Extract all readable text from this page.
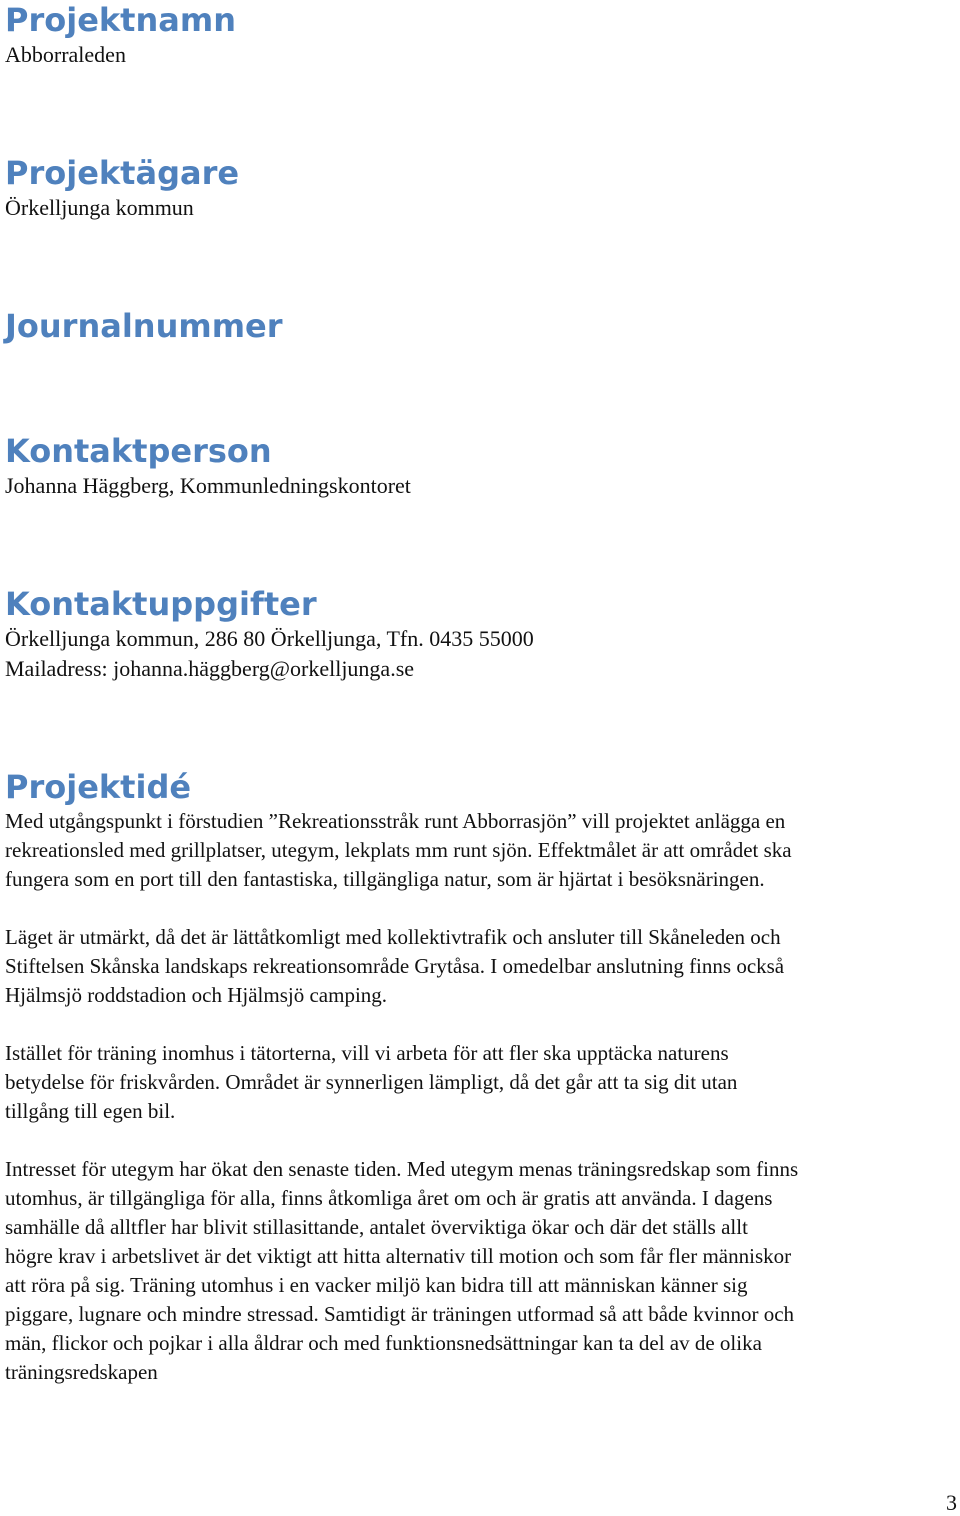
Projektnamn

Abborraleden

Projektägare

Örkelljunga kommun

Journalnummer
Kontaktperson

Johanna Häggberg, Kommunledningskontoret

Kontaktuppgifter

Örkelljunga kommun, 286 80 Örkelljunga, Tfn. 0435 55000

Mailadress: johanna.häggberg@orkelljunga.se

Projektidé

Med utgångspunkt i förstudien ”Rekreationsstråk runt Abborrasjön” vill projektet anlägga en
rekreationsled med grillplatser, utegym, lekplats mm runt sjön. Effektmålet är att området ska
fungera som en port till den fantastiska, tillgängliga natur, som är hjärtat i besöksnäringen.

Läget är utmärkt, då det är lättåtkomligt med kollektivtrafik och ansluter till Skåneleden och
Stiftelsen Skånska landskaps rekreationsområde Grytåsa. I omedelbar anslutning finns också
Hjälmsjö roddstadion och Hjälmsjö camping.

Istället för träning inomhus i tätorterna, vill vi arbeta för att fler ska upptäcka naturens
betydelse för friskvården. Området är synnerligen lämpligt, då det går att ta sig dit utan
tillgång till egen bil.

Intresset för utegym har ökat den senaste tiden. Med utegym menas träningsredskap som finns
utomhus, är tillgängliga för alla, finns åtkomliga året om och är gratis att använda. I dagens
samhälle då alltfler har blivit stillasittande, antalet överviktiga ökar och där det ställs allt
högre krav i arbetslivet är det viktigt att hitta alternativ till motion och som får fler människor
att röra på sig. Träning utomhus i en vacker miljö kan bidra till att människan känner sig
piggare, lugnare och mindre stressad. Samtidigt är träningen utformad så att både kvinnor och
män, flickor och pojkar i alla åldrar och med funktionsnedsättningar kan ta del av de olika
träningsredskapen

3
